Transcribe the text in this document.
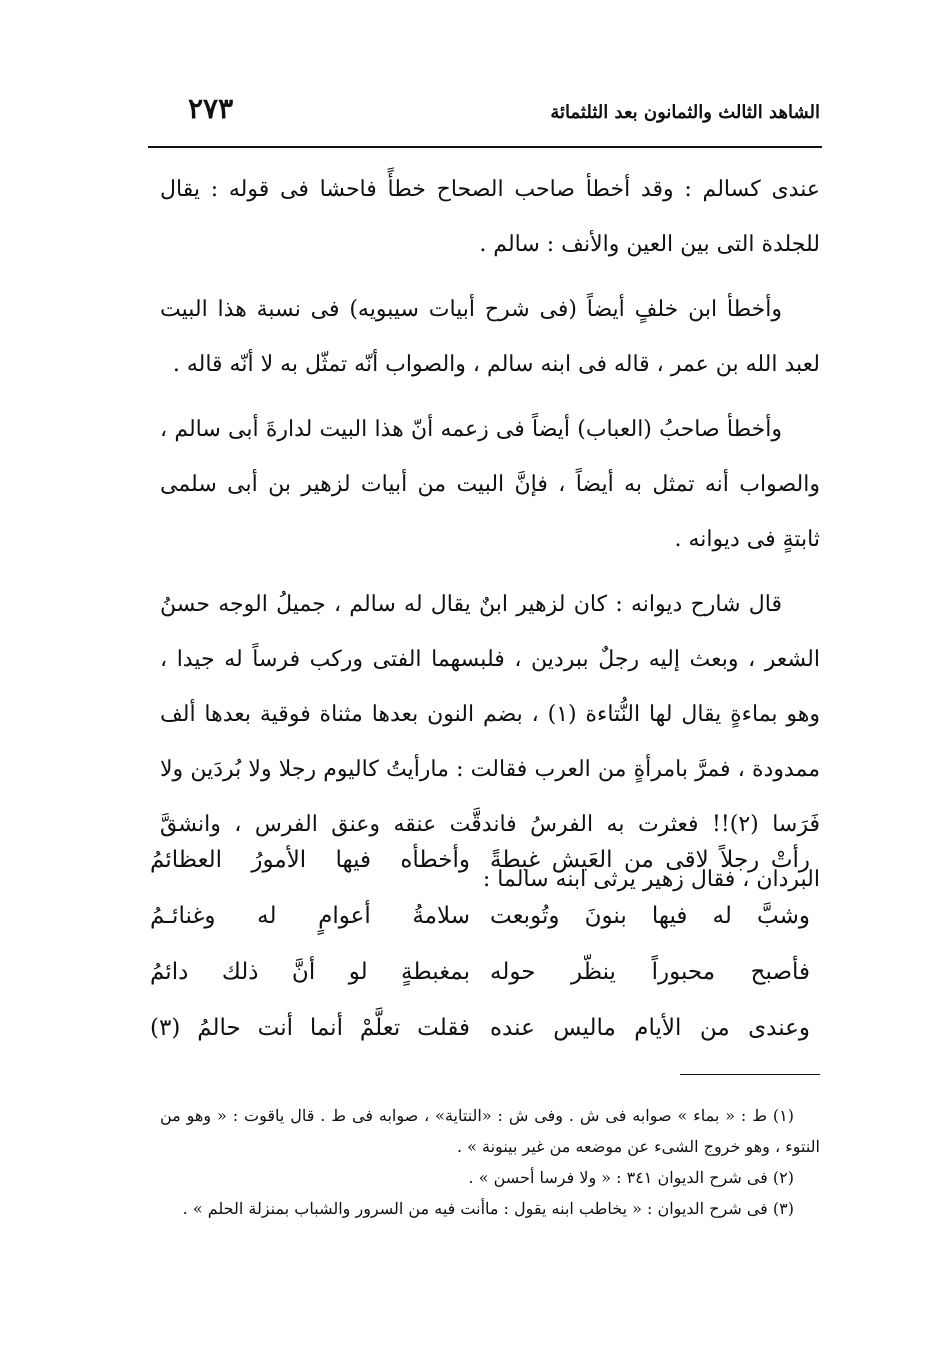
الشاهد الثالث والثمانون بعد الثلثمائة
٢٧٣

عندى كسالم : وقد أخطأ صاحب الصحاح خطأً فاحشا فى قوله : يقال للجلدة التى بين العين والأنف : سالم .

وأخطأ ابن خلفٍ أيضاً (فى شرح أبيات سيبويه) فى نسبة هذا البيت لعبد الله بن عمر ، قاله فى ابنه سالم ، والصواب أنّه تمثّل به لا أنّه قاله .

وأخطأ صاحبُ (العباب) أيضاً فى زعمه أنّ هذا البيت لدارةَ أبى سالم ، والصواب أنه تمثل به أيضاً ، فإنَّ البيت من أبيات لزهير بن أبى سلمى ثابتةٍ فى ديوانه .

قال شارح ديوانه : كان لزهير ابنٌ يقال له سالم ، جميلُ الوجه حسنُ الشعر ، وبعث إليه رجلٌ ببردين ، فلبسهما الفتى وركب فرساً له جيدا ، وهو بماءةٍ يقال لها النُّتاءة (١) ، بضم النون بعدها مثناة فوقية بعدها ألف ممدودة ، فمرَّ بامرأةٍ من العرب فقالت : مارأيتُ كاليوم رجلا ولا بُردَين ولا فَرَسا (٢)!! فعثرت به الفرسُ فاندقَّت عنقه وعنق الفرس ، وانشقَّ البردان ، فقال زهير يرثى ابنه سالما :

رأتْ رجلاً لاقى من العَيش غبطةً
وأخطأه فيها الأمورُ العظائمُ
وشبَّ له فيها بنونَ وتُوبعت
سلامةُ أعوامٍ له وغنائـمُ
فأصبح محبوراً ينظّر حوله
بمغبطةٍ لو أنَّ ذلك دائمُ
وعندى من الأيام ماليس عنده
فقلت تعلَّمْ أنما أنت حالمُ (٣)

(١) ط : « بماء » صوابه فى ش . وفى ش : «النتاية» ، صوابه فى ط . قال ياقوت : « وهو من النتوء ، وهو خروج الشىء عن موضعه من غير بينونة » .

(٢) فى شرح الديوان ٣٤١ : « ولا فرسا أحسن » .

(٣) فى شرح الديوان : « يخاطب ابنه يقول : ماأنت فيه من السرور والشباب بمنزلة الحلم » .
